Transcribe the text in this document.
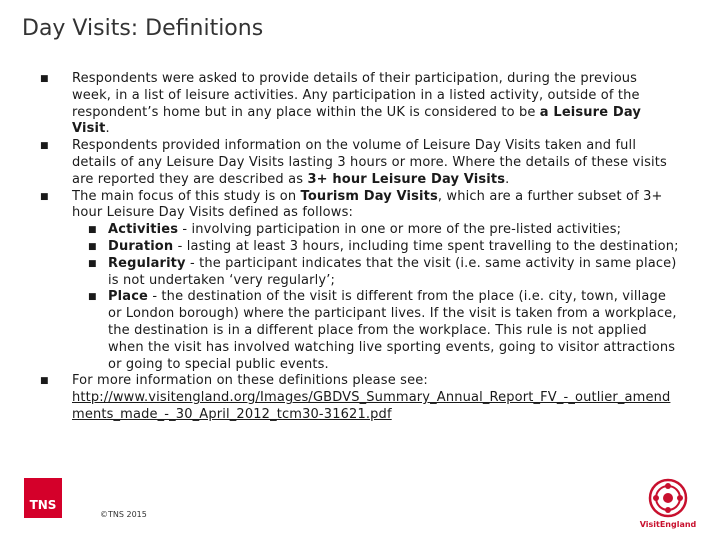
Day Visits: Definitions
■ Respondents were asked to provide details of their participation, during the previous week, in a list of leisure activities. Any participation in a listed activity, outside of the respondent’s home but in any place within the UK is considered to be a Leisure Day Visit.
■ Respondents provided information on the volume of Leisure Day Visits taken and full details of any Leisure Day Visits lasting 3 hours or more. Where the details of these visits are reported they are described as 3+ hour Leisure Day Visits.
■ The main focus of this study is on Tourism Day Visits, which are a further subset of 3+ hour Leisure Day Visits defined as follows:
■ Activities - involving participation in one or more of the pre-listed activities;
■ Duration - lasting at least 3 hours, including time spent travelling to the destination;
■ Regularity - the participant indicates that the visit (i.e. same activity in same place) is not undertaken ‘very regularly’;
■ Place - the destination of the visit is different from the place (i.e. city, town, village or London borough) where the participant lives. If the visit is taken from a workplace, the destination is in a different place from the workplace. This rule is not applied when the visit has involved watching live sporting events, going to visitor attractions or going to special public events.
■ For more information on these definitions please see:
http://www.visitengland.org/Images/GBDVS_Summary_Annual_Report_FV_-_outlier_amendments_made_-_30_April_2012_tcm30-31621.pdf
TNS
©TNS 2015
VisitEngland
